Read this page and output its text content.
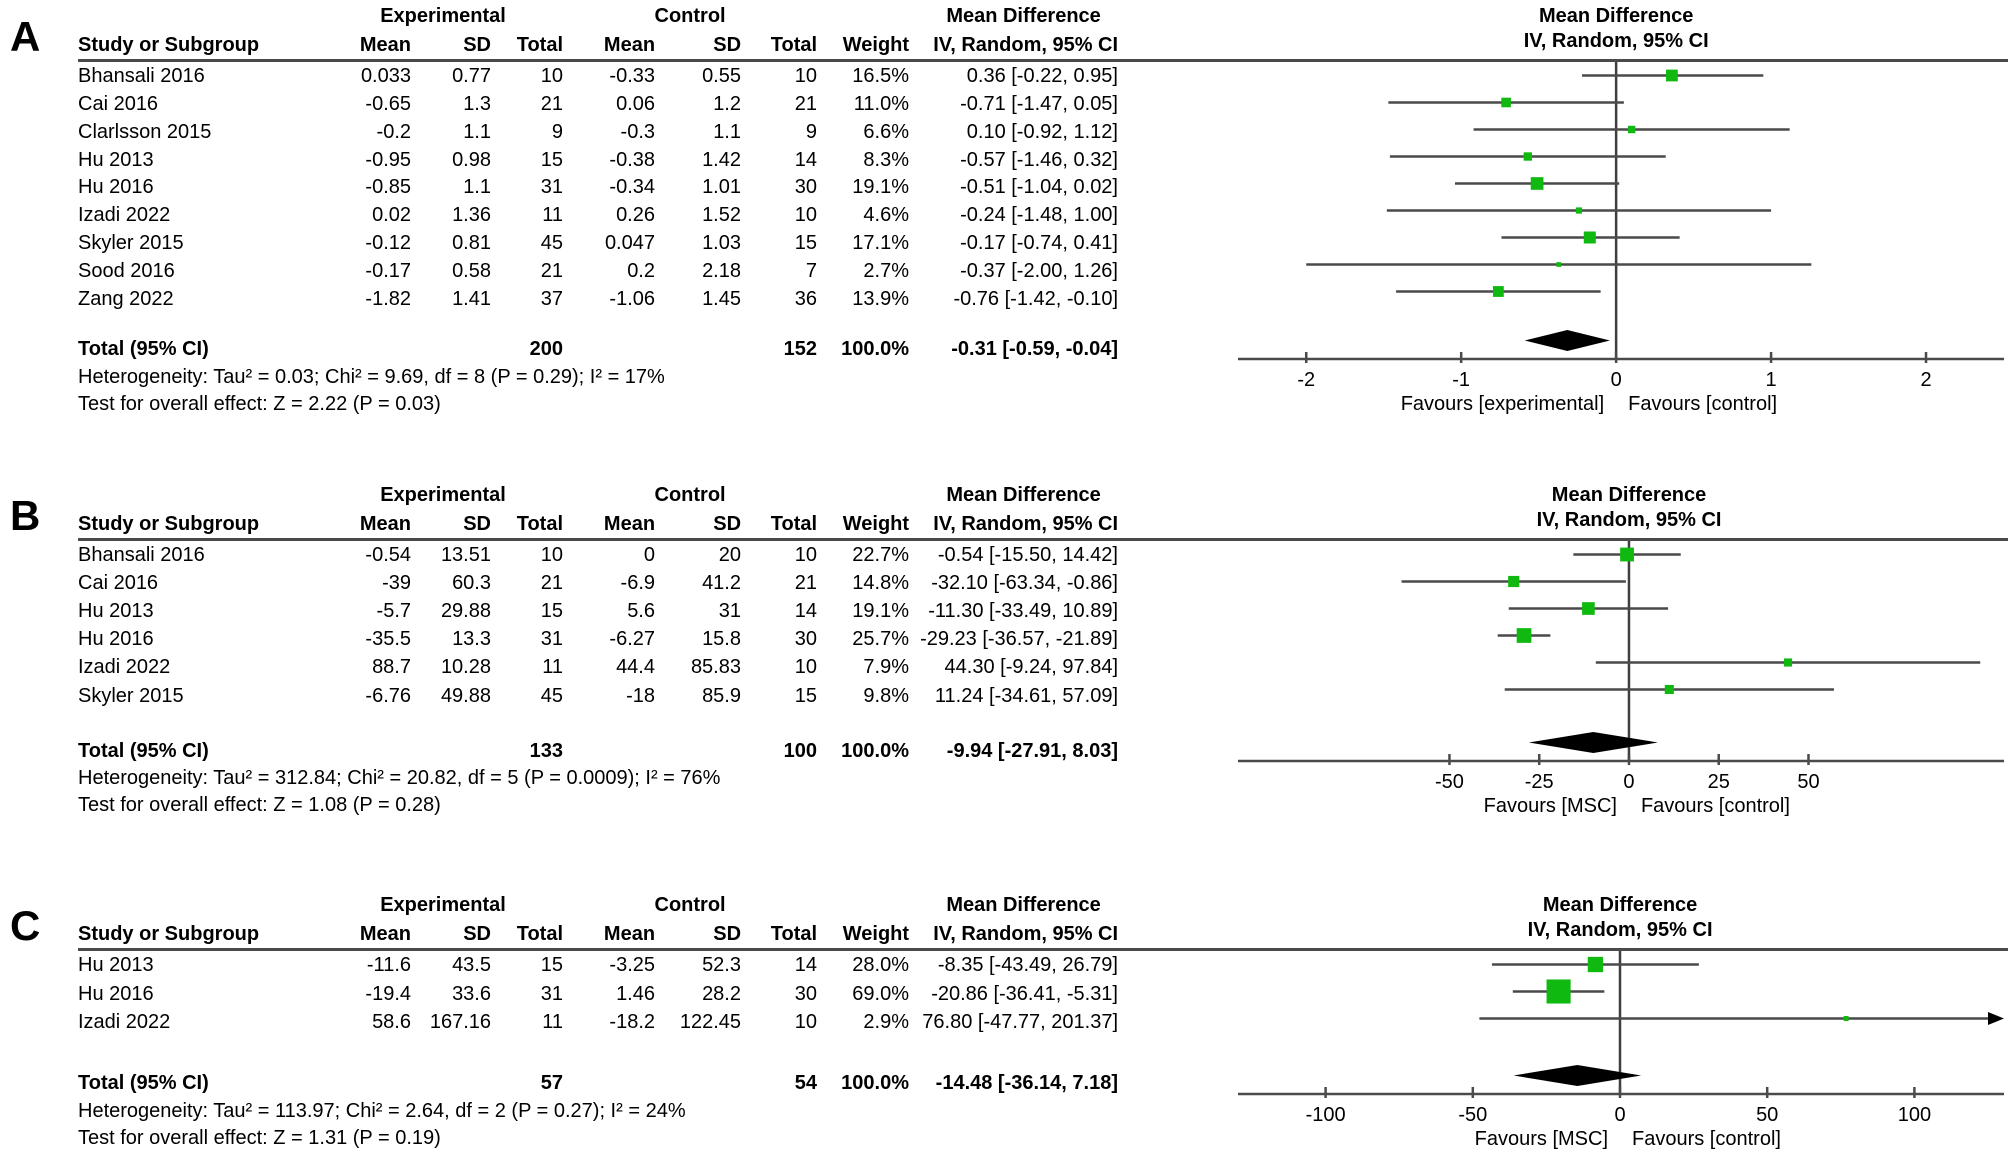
A
		Experimental			Control				Mean Difference
Study or Subgroup	Mean	SD	Total	Mean	SD	Total	Weight	IV, Random, 95% CI
Mean Difference
IV, Random, 95% CI
Bhansali 2016	0.033	0.77	10	-0.33	0.55	10	16.5%	0.36 [-0.22, 0.95]
Cai 2016	-0.65	1.3	21	0.06	1.2	21	11.0%	-0.71 [-1.47, 0.05]
Clarlsson 2015	-0.2	1.1	9	-0.3	1.1	9	6.6%	0.10 [-0.92, 1.12]
Hu 2013	-0.95	0.98	15	-0.38	1.42	14	8.3%	-0.57 [-1.46, 0.32]
Hu 2016	-0.85	1.1	31	-0.34	1.01	30	19.1%	-0.51 [-1.04, 0.02]
Izadi 2022	0.02	1.36	11	0.26	1.52	10	4.6%	-0.24 [-1.48, 1.00]
Skyler 2015	-0.12	0.81	45	0.047	1.03	15	17.1%	-0.17 [-0.74, 0.41]
Sood 2016	-0.17	0.58	21	0.2	2.18	7	2.7%	-0.37 [-2.00, 1.26]
Zang 2022	-1.82	1.41	37	-1.06	1.45	36	13.9%	-0.76 [-1.42, -0.10]

Total (95% CI)			200			152	100.0%	-0.31 [-0.59, -0.04]
Heterogeneity: Tau² = 0.03; Chi² = 9.69, df = 8 (P = 0.29); I² = 17%								
Test for overall effect: Z = 2.22 (P = 0.03)								
-2	-1	0	1	2
Favours [experimental] Favours [control]
B
		Experimental			Control				Mean Difference
Study or Subgroup	Mean	SD	Total	Mean	SD	Total	Weight	IV, Random, 95% CI
Mean Difference
IV, Random, 95% CI
Bhansali 2016	-0.54	13.51	10	0	20	10	22.7%	-0.54 [-15.50, 14.42]
Cai 2016	-39	60.3	21	-6.9	41.2	21	14.8%	-32.10 [-63.34, -0.86]
Hu 2013	-5.7	29.88	15	5.6	31	14	19.1%	-11.30 [-33.49, 10.89]
Hu 2016	-35.5	13.3	31	-6.27	15.8	30	25.7%	-29.23 [-36.57, -21.89]
Izadi 2022	88.7	10.28	11	44.4	85.83	10	7.9%	44.30 [-9.24, 97.84]
Skyler 2015	-6.76	49.88	45	-18	85.9	15	9.8%	11.24 [-34.61, 57.09]

Total (95% CI)			133			100	100.0%	-9.94 [-27.91, 8.03]
Heterogeneity: Tau² = 312.84; Chi² = 20.82, df = 5 (P = 0.0009); I² = 76%								
Test for overall effect: Z = 1.08 (P = 0.28)								
-50	-25	0	25	50
Favours [MSC] Favours [control]
C
		Experimental			Control				Mean Difference
Study or Subgroup	Mean	SD	Total	Mean	SD	Total	Weight	IV, Random, 95% CI
Mean Difference
IV, Random, 95% CI
Hu 2013	-11.6	43.5	15	-3.25	52.3	14	28.0%	-8.35 [-43.49, 26.79]
Hu 2016	-19.4	33.6	31	1.46	28.2	30	69.0%	-20.86 [-36.41, -5.31]
Izadi 2022	58.6	167.16	11	-18.2	122.45	10	2.9%	76.80 [-47.77, 201.37]

Total (95% CI)			57			54	100.0%	-14.48 [-36.14, 7.18]
Heterogeneity: Tau² = 113.97; Chi² = 2.64, df = 2 (P = 0.27); I² = 24%								
Test for overall effect: Z = 1.31 (P = 0.19)								
-100	-50	0	50	100
Favours [MSC] Favours [control]
